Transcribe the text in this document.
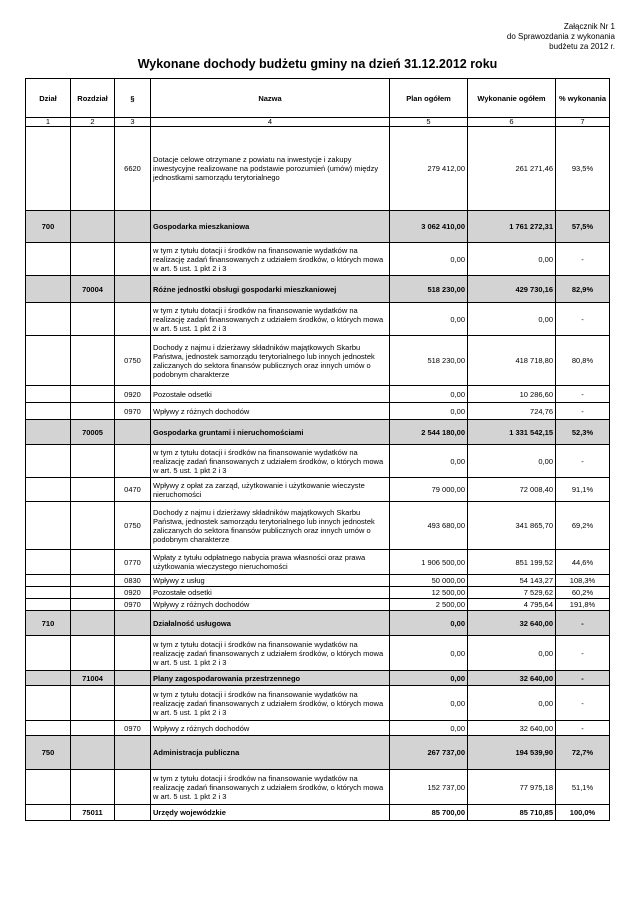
Załącznik Nr 1
do Sprawozdania z wykonania
budżetu za 2012 r.
Wykonane dochody budżetu gminy na dzień 31.12.2012 roku
Dział	Rozdział	§	Nazwa	Plan ogółem	Wykonanie ogółem	% wykonania
1	2	3	4	5	6	7
		6620	Dotacje celowe otrzymane z powiatu na inwestycje i zakupy inwestycyjne realizowane na podstawie porozumień (umów) między jednostkami samorządu terytorialnego	279 412,00	261 271,46	93,5%
700			Gospodarka mieszkaniowa	3 062 410,00	1 761 272,31	57,5%
			w tym z tytułu dotacji i środków na finansowanie wydatków na realizację zadań finansowanych z udziałem środków, o których mowa w art. 5 ust. 1 pkt 2 i 3	0,00	0,00	-
	70004		Różne jednostki obsługi gospodarki mieszkaniowej	518 230,00	429 730,16	82,9%
			w tym z tytułu dotacji i środków na finansowanie wydatków na realizację zadań finansowanych z udziałem środków, o których mowa w art. 5 ust. 1 pkt 2 i 3	0,00	0,00	-
		0750	Dochody z najmu i dzierżawy składników majątkowych Skarbu Państwa, jednostek samorządu terytorialnego lub innych jednostek zaliczanych do sektora finansów publicznych oraz innych umów o podobnym charakterze	518 230,00	418 718,80	80,8%
		0920	Pozostałe odsetki	0,00	10 286,60	-
		0970	Wpływy z różnych dochodów	0,00	724,76	-
	70005		Gospodarka gruntami i nieruchomościami	2 544 180,00	1 331 542,15	52,3%
			w tym z tytułu dotacji i środków na finansowanie wydatków na realizację zadań finansowanych z udziałem środków, o których mowa w art. 5 ust. 1 pkt 2 i 3	0,00	0,00	-
		0470	Wpływy z opłat za zarząd, użytkowanie i użytkowanie wieczyste nieruchomości	79 000,00	72 008,40	91,1%
		0750	Dochody z najmu i dzierżawy składników majątkowych Skarbu Państwa, jednostek samorządu terytorialnego lub innych jednostek zaliczanych do sektora finansów publicznych oraz innych umów o podobnym charakterze	493 680,00	341 865,70	69,2%
		0770	Wpłaty z tytułu odpłatnego nabycia prawa własności oraz prawa użytkowania wieczystego nieruchomości	1 906 500,00	851 199,52	44,6%
		0830	Wpływy z usług	50 000,00	54 143,27	108,3%
		0920	Pozostałe odsetki	12 500,00	7 529,62	60,2%
		0970	Wpływy z różnych dochodów	2 500,00	4 795,64	191,8%
710			Działalność usługowa	0,00	32 640,00	-
			w tym z tytułu dotacji i środków na finansowanie wydatków na realizację zadań finansowanych z udziałem środków, o których mowa w art. 5 ust. 1 pkt 2 i 3	0,00	0,00	-
	71004		Plany zagospodarowania przestrzennego	0,00	32 640,00	-
			w tym z tytułu dotacji i środków na finansowanie wydatków na realizację zadań finansowanych z udziałem środków, o których mowa w art. 5 ust. 1 pkt 2 i 3	0,00	0,00	-
		0970	Wpływy z różnych dochodów	0,00	32 640,00	-
750			Administracja publiczna	267 737,00	194 539,90	72,7%
			w tym z tytułu dotacji i środków na finansowanie wydatków na realizację zadań finansowanych z udziałem środków, o których mowa w art. 5 ust. 1 pkt 2 i 3	152 737,00	77 975,18	51,1%
	75011		Urzędy wojewódzkie	85 700,00	85 710,85	100,0%
